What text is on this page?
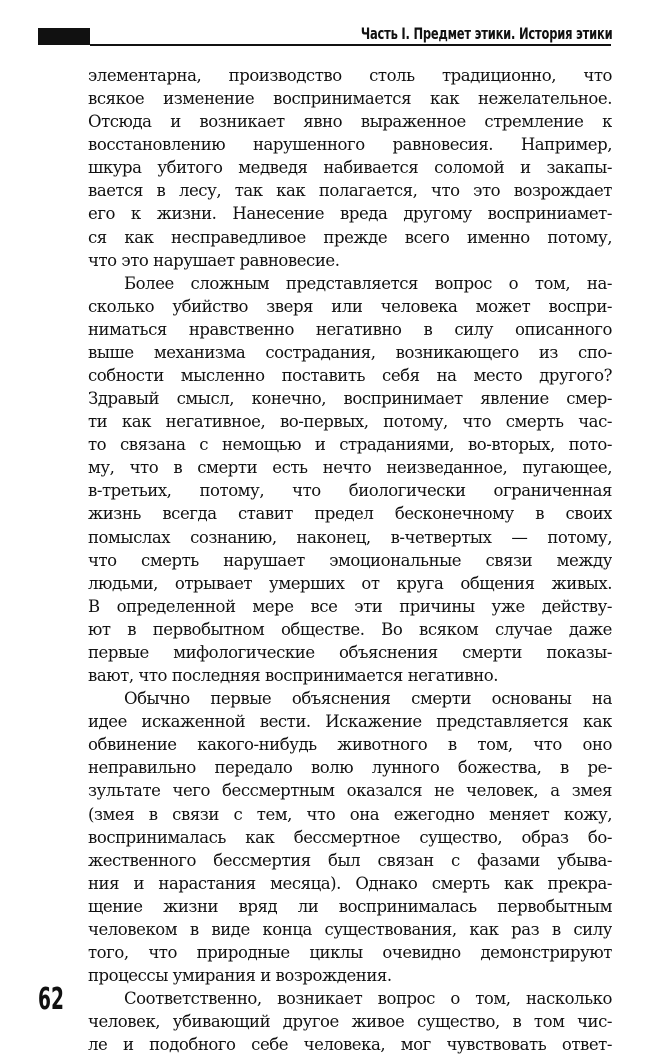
Часть I. Предмет этики. История этики
элементарна, производство столь традиционно, что
всякое изменение воспринимается как нежелательное.
Отсюда и возникает явно выраженное стремление к
восстановлению нарушенного равновесия. Например,
шкура убитого медведя набивается соломой и закапы-
вается в лесу, так как полагается, что это возрождает
его к жизни. Нанесение вреда другому восприниамет-
ся как несправедливое прежде всего именно потому,
что это нарушает равновесие.
Более сложным представляется вопрос о том, на-
сколько убийство зверя или человека может воспри-
ниматься нравственно негативно в силу описанного
выше механизма сострадания, возникающего из спо-
собности мысленно поставить себя на место другого?
Здравый смысл, конечно, воспринимает явление смер-
ти как негативное, во-первых, потому, что смерть час-
то связана с немощью и страданиями, во-вторых, пото-
му, что в смерти есть нечто неизведанное, пугающее,
в-третьих, потому, что биологически ограниченная
жизнь всегда ставит предел бесконечному в своих
помыслах сознанию, наконец, в-четвертых — потому,
что смерть нарушает эмоциональные связи между
людьми, отрывает умерших от круга общения живых.
В определенной мере все эти причины уже действу-
ют в первобытном обществе. Во всяком случае даже
первые мифологические объяснения смерти показы-
вают, что последняя воспринимается негативно.
Обычно первые объяснения смерти основаны на
идее искаженной вести. Искажение представляется как
обвинение какого-нибудь животного в том, что оно
неправильно передало волю лунного божества, в ре-
зультате чего бессмертным оказался не человек, а змея
(змея в связи с тем, что она ежегодно меняет кожу,
воспринималась как бессмертное существо, образ бо-
жественного бессмертия был связан с фазами убыва-
ния и нарастания месяца). Однако смерть как прекра-
щение жизни вряд ли воспринималась первобытным
человеком в виде конца существования, как раз в силу
того, что природные циклы очевидно демонстрируют
процессы умирания и возрождения.
Соответственно, возникает вопрос о том, насколько
человек, убивающий другое живое существо, в том чис-
ле и подобного себе человека, мог чувствовать ответ-
62
